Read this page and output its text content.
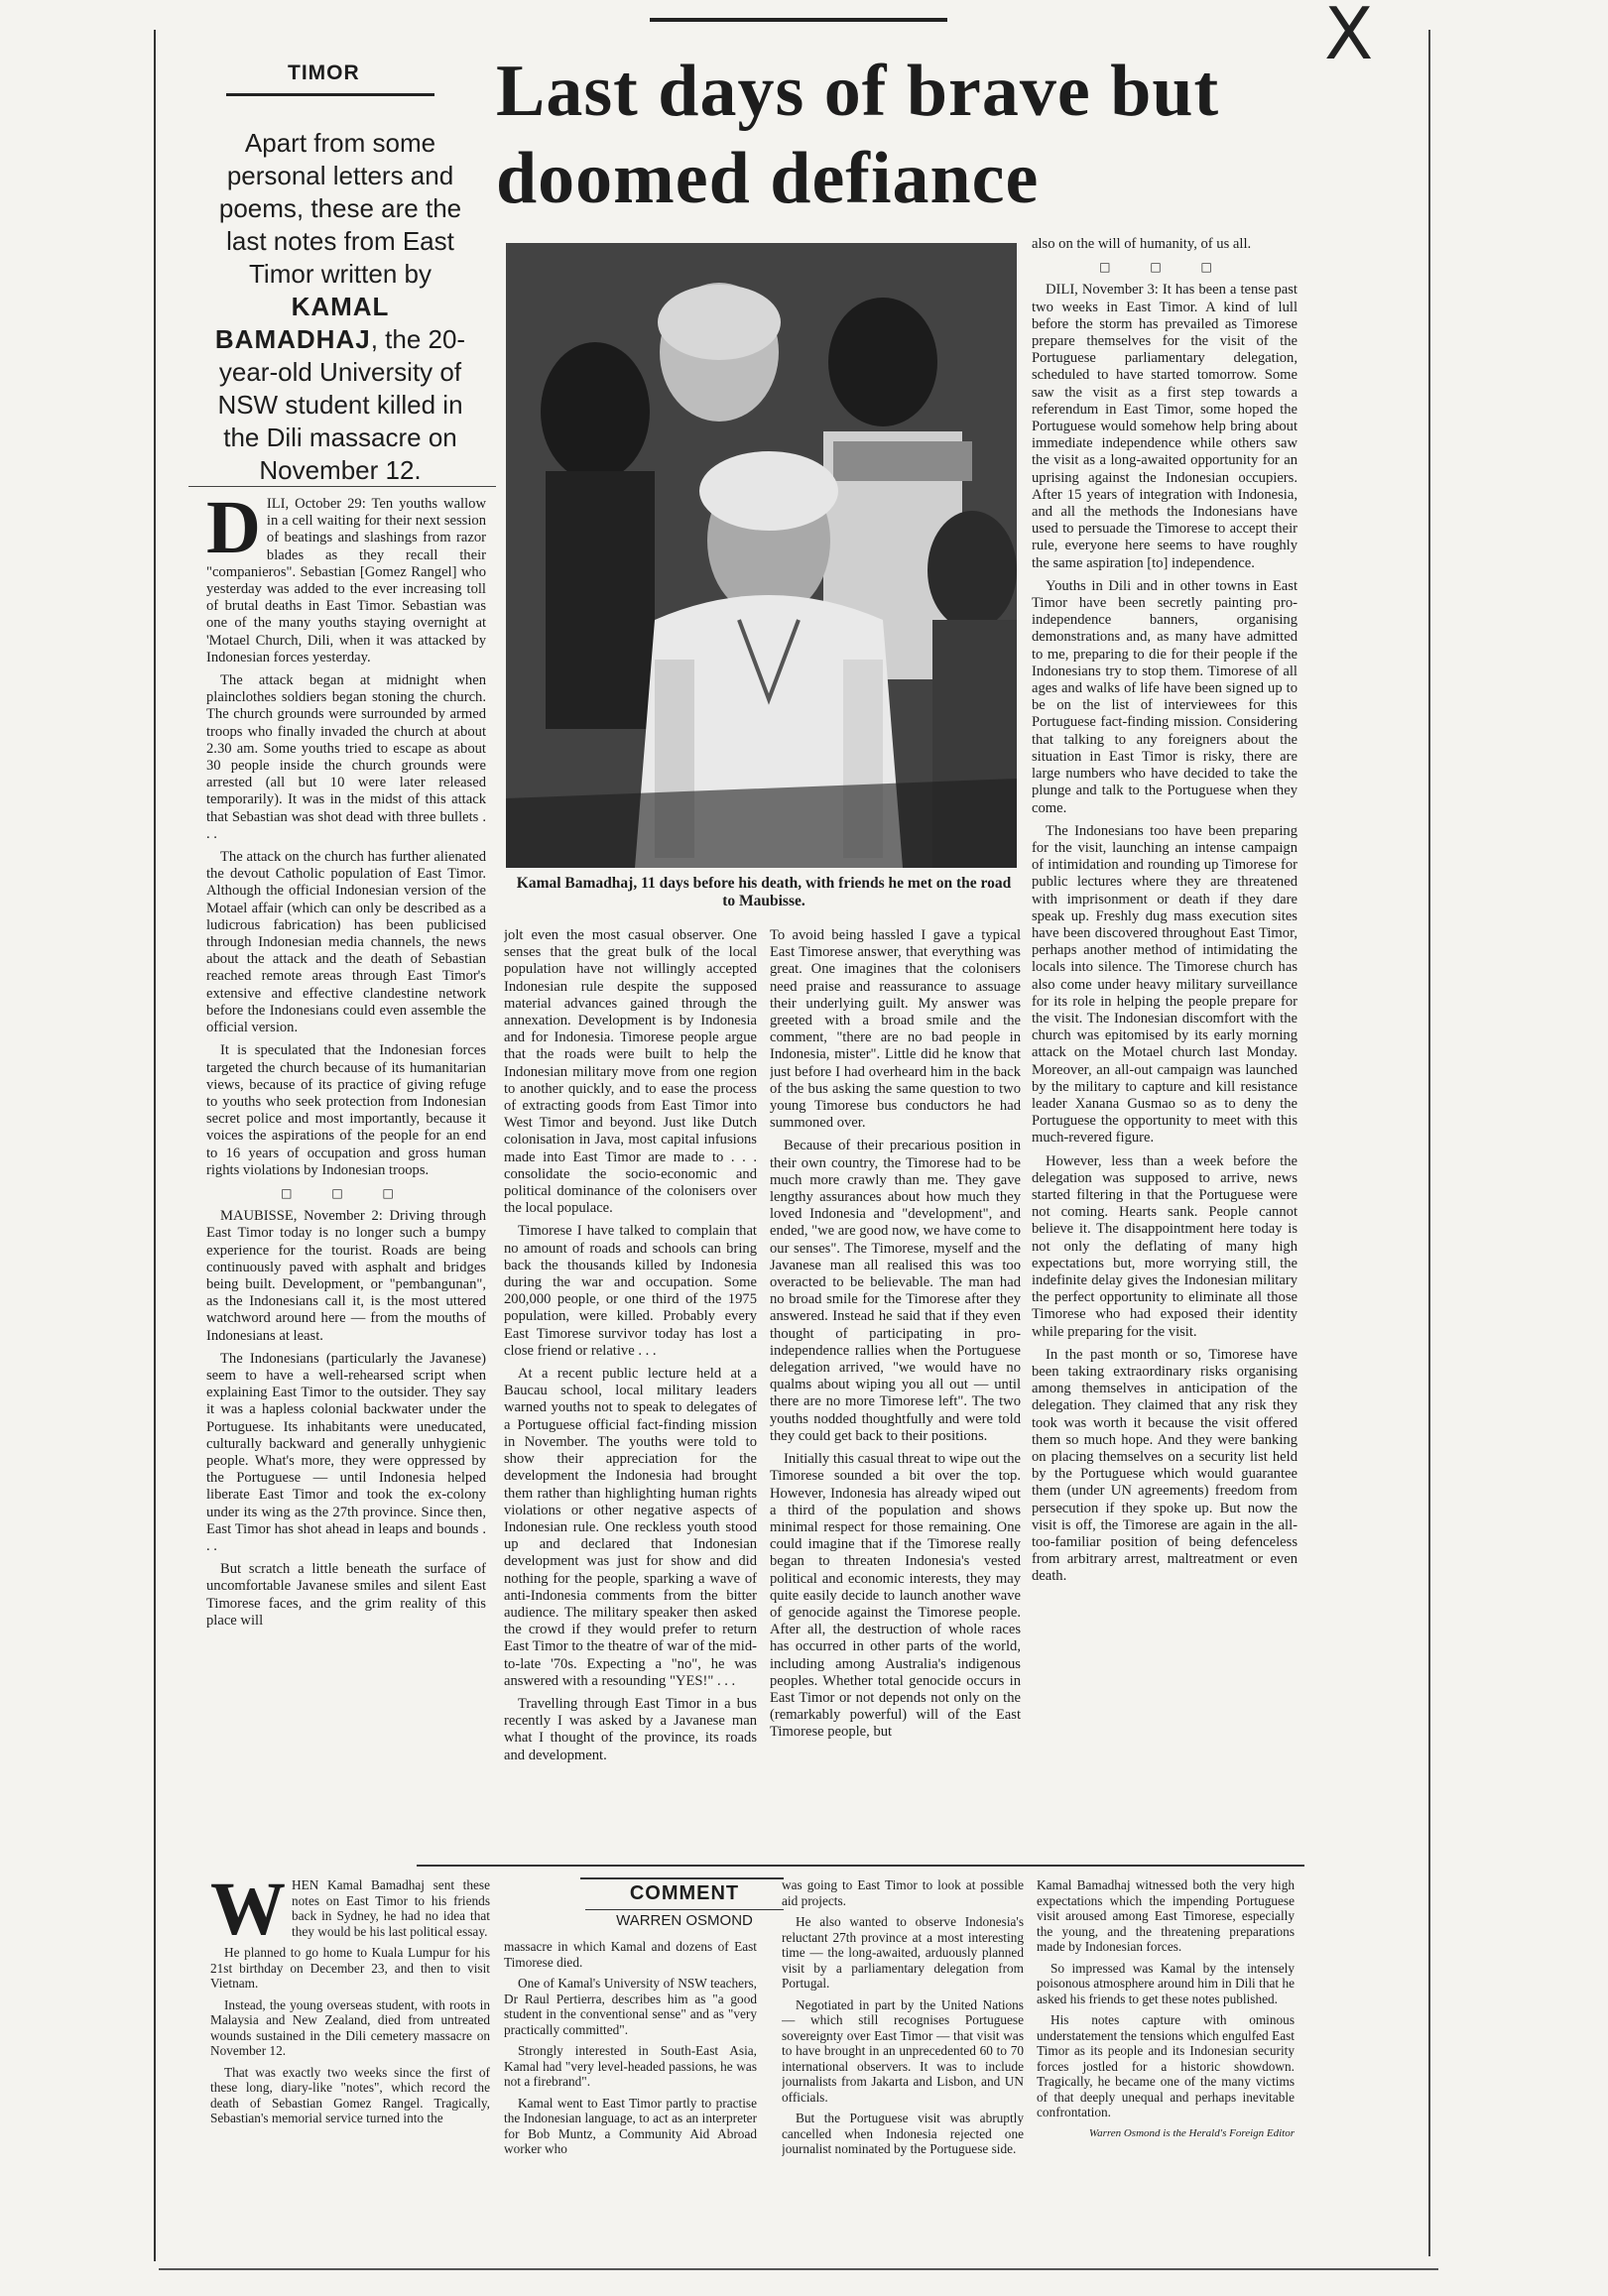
X
TIMOR Last days of brave but doomed defiance
Apart from some personal letters and poems, these are the last notes from East Timor written by KAMAL BAMADHAJ, the 20-year-old University of NSW student killed in the Dili massacre on November 12.
Kamal Bamadhaj, 11 days before his death, with friends he met on the road to Maubisse.

DILI, October 29: Ten youths wallow in a cell waiting for their next session of beatings and slashings from razor blades as they recall their "companieros". Sebastian [Gomez Rangel] who yesterday was added to the ever increasing toll of brutal deaths in East Timor. Sebastian was one of the many youths staying overnight at 'Motael Church, Dili, when it was attacked by Indonesian forces yesterday.

The attack began at midnight when plainclothes soldiers began stoning the church. The church grounds were surrounded by armed troops who finally invaded the church at about 2.30 am. Some youths tried to escape as about 30 people inside the church grounds were arrested (all but 10 were later released temporarily). It was in the midst of this attack that Sebastian was shot dead with three bullets . . .

The attack on the church has further alienated the devout Catholic population of East Timor. Although the official Indonesian version of the Motael affair (which can only be described as a ludicrous fabrication) has been publicised through Indonesian media channels, the news about the attack and the death of Sebastian reached remote areas through East Timor's extensive and effective clandestine network before the Indonesians could even assemble the official version.

It is speculated that the Indonesian forces targeted the church because of its humanitarian views, because of its practice of giving refuge to youths who seek protection from Indonesian secret police and most importantly, because it voices the aspirations of the people for an end to 16 years of occupation and gross human rights violations by Indonesian troops.

□ □ □

MAUBISSE, November 2: Driving through East Timor today is no longer such a bumpy experience for the tourist. Roads are being continuously paved with asphalt and bridges being built. Development, or "pembangunan", as the Indonesians call it, is the most uttered watchword around here — from the mouths of Indonesians at least.

The Indonesians (particularly the Javanese) seem to have a well-rehearsed script when explaining East Timor to the outsider. They say it was a hapless colonial backwater under the Portuguese. Its inhabitants were uneducated, culturally backward and generally unhygienic people. What's more, they were oppressed by the Portuguese — until Indonesia helped liberate East Timor and took the ex-colony under its wing as the 27th province. Since then, East Timor has shot ahead in leaps and bounds . . .

But scratch a little beneath the surface of uncomfortable Javanese smiles and silent East Timorese faces, and the grim reality of this place will

jolt even the most casual observer. One senses that the great bulk of the local population have not willingly accepted Indonesian rule despite the supposed material advances gained through the annexation. Development is by Indonesia and for Indonesia. Timorese people argue that the roads were built to help the Indonesian military move from one region to another quickly, and to ease the process of extracting goods from East Timor into West Timor and beyond. Just like Dutch colonisation in Java, most capital infusions made into East Timor are made to . . . consolidate the socio-economic and political dominance of the colonisers over the local populace.

Timorese I have talked to complain that no amount of roads and schools can bring back the thousands killed by Indonesia during the war and occupation. Some 200,000 people, or one third of the 1975 population, were killed. Probably every East Timorese survivor today has lost a close friend or relative . . .

At a recent public lecture held at a Baucau school, local military leaders warned youths not to speak to delegates of a Portuguese official fact-finding mission in November. The youths were told to show their appreciation for the development the Indonesia had brought them rather than highlighting human rights violations or other negative aspects of Indonesian rule. One reckless youth stood up and declared that Indonesian development was just for show and did nothing for the people, sparking a wave of anti-Indonesia comments from the bitter audience. The military speaker then asked the crowd if they would prefer to return East Timor to the theatre of war of the mid-to-late '70s. Expecting a "no", he was answered with a resounding "YES!" . . .

Travelling through East Timor in a bus recently I was asked by a Javanese man what I thought of the province, its roads and development.

To avoid being hassled I gave a typical East Timorese answer, that everything was great. One imagines that the colonisers need praise and reassurance to assuage their underlying guilt. My answer was greeted with a broad smile and the comment, "there are no bad people in Indonesia, mister". Little did he know that just before I had overheard him in the back of the bus asking the same question to two young Timorese bus conductors he had summoned over.

Because of their precarious position in their own country, the Timorese had to be much more crawly than me. They gave lengthy assurances about how much they loved Indonesia and "development", and ended, "we are good now, we have come to our senses". The Timorese, myself and the Javanese man all realised this was too overacted to be believable. The man had no broad smile for the Timorese after they answered. Instead he said that if they even thought of participating in pro-independence rallies when the Portuguese delegation arrived, "we would have no qualms about wiping you all out — until there are no more Timorese left". The two youths nodded thoughtfully and were told they could get back to their positions.

Initially this casual threat to wipe out the Timorese sounded a bit over the top. However, Indonesia has already wiped out a third of the population and shows minimal respect for those remaining. One could imagine that if the Timorese really began to threaten Indonesia's vested political and economic interests, they may quite easily decide to launch another wave of genocide against the Timorese people. After all, the destruction of whole races has occurred in other parts of the world, including among Australia's indigenous peoples. Whether total genocide occurs in East Timor or not depends not only on the (remarkably powerful) will of the East Timorese people, but

also on the will of humanity, of us all.

□ □ □

DILI, November 3: It has been a tense past two weeks in East Timor. A kind of lull before the storm has prevailed as Timorese prepare themselves for the visit of the Portuguese parliamentary delegation, scheduled to have started tomorrow. Some saw the visit as a first step towards a referendum in East Timor, some hoped the Portuguese would somehow help bring about immediate independence while others saw the visit as a long-awaited opportunity for an uprising against the Indonesian occupiers. After 15 years of integration with Indonesia, and all the methods the Indonesians have used to persuade the Timorese to accept their rule, everyone here seems to have roughly the same aspiration [to] independence.

Youths in Dili and in other towns in East Timor have been secretly painting pro-independence banners, organising demonstrations and, as many have admitted to me, preparing to die for their people if the Indonesians try to stop them. Timorese of all ages and walks of life have been signed up to be on the list of interviewees for this Portuguese fact-finding mission. Considering that talking to any foreigners about the situation in East Timor is risky, there are large numbers who have decided to take the plunge and talk to the Portuguese when they come.

The Indonesians too have been preparing for the visit, launching an intense campaign of intimidation and rounding up Timorese for public lectures where they are threatened with imprisonment or death if they dare speak up. Freshly dug mass execution sites have been discovered throughout East Timor, perhaps another method of intimidating the locals into silence. The Timorese church has also come under heavy military surveillance for its role in helping the people prepare for the visit. The Indonesian discomfort with the church was epitomised by its early morning attack on the Motael church last Monday. Moreover, an all-out campaign was launched by the military to capture and kill resistance leader Xanana Gusmao so as to deny the Portuguese the opportunity to meet with this much-revered figure.

However, less than a week before the delegation was supposed to arrive, news started filtering in that the Portuguese were not coming. Hearts sank. People cannot believe it. The disappointment here today is not only the deflating of many high expectations but, more worrying still, the indefinite delay gives the Indonesian military the perfect opportunity to eliminate all those Timorese who had exposed their identity while preparing for the visit.

In the past month or so, Timorese have been taking extraordinary risks organising among themselves in anticipation of the delegation. They claimed that any risk they took was worth it because the visit offered them so much hope. And they were banking on placing themselves on a security list held by the Portuguese which would guarantee them (under UN agreements) freedom from persecution if they spoke up. But now the visit is off, the Timorese are again in the all-too-familiar position of being defenceless from arbitrary arrest, maltreatment or even death.

COMMENT
WARREN OSMOND

WHEN Kamal Bamadhaj sent these notes on East Timor to his friends back in Sydney, he had no idea that they would be his last political essay.

He planned to go home to Kuala Lumpur for his 21st birthday on December 23, and then to visit Vietnam.

Instead, the young overseas student, with roots in Malaysia and New Zealand, died from untreated wounds sustained in the Dili cemetery massacre on November 12.

That was exactly two weeks since the first of these long, diary-like "notes", which record the death of Sebastian Gomez Rangel. Tragically, Sebastian's memorial service turned into the

massacre in which Kamal and dozens of East Timorese died.

One of Kamal's University of NSW teachers, Dr Raul Pertierra, describes him as "a good student in the conventional sense" and as "very practically committed".

Strongly interested in South-East Asia, Kamal had "very level-headed passions, he was not a firebrand".

Kamal went to East Timor partly to practise the Indonesian language, to act as an interpreter for Bob Muntz, a Community Aid Abroad worker who

was going to East Timor to look at possible aid projects.

He also wanted to observe Indonesia's reluctant 27th province at a most interesting time — the long-awaited, arduously planned visit by a parliamentary delegation from Portugal.

Negotiated in part by the United Nations — which still recognises Portuguese sovereignty over East Timor — that visit was to have brought in an unprecedented 60 to 70 international observers. It was to include journalists from Jakarta and Lisbon, and UN officials.

But the Portuguese visit was abruptly cancelled when Indonesia rejected one journalist nominated by the Portuguese side.

Kamal Bamadhaj witnessed both the very high expectations which the impending Portuguese visit aroused among East Timorese, especially the young, and the threatening preparations made by Indonesian forces.

So impressed was Kamal by the intensely poisonous atmosphere around him in Dili that he asked his friends to get these notes published.

His notes capture with ominous understatement the tensions which engulfed East Timor as its people and its Indonesian security forces jostled for a historic showdown. Tragically, he became one of the many victims of that deeply unequal and perhaps inevitable confrontation.

Warren Osmond is the Herald's Foreign Editor
